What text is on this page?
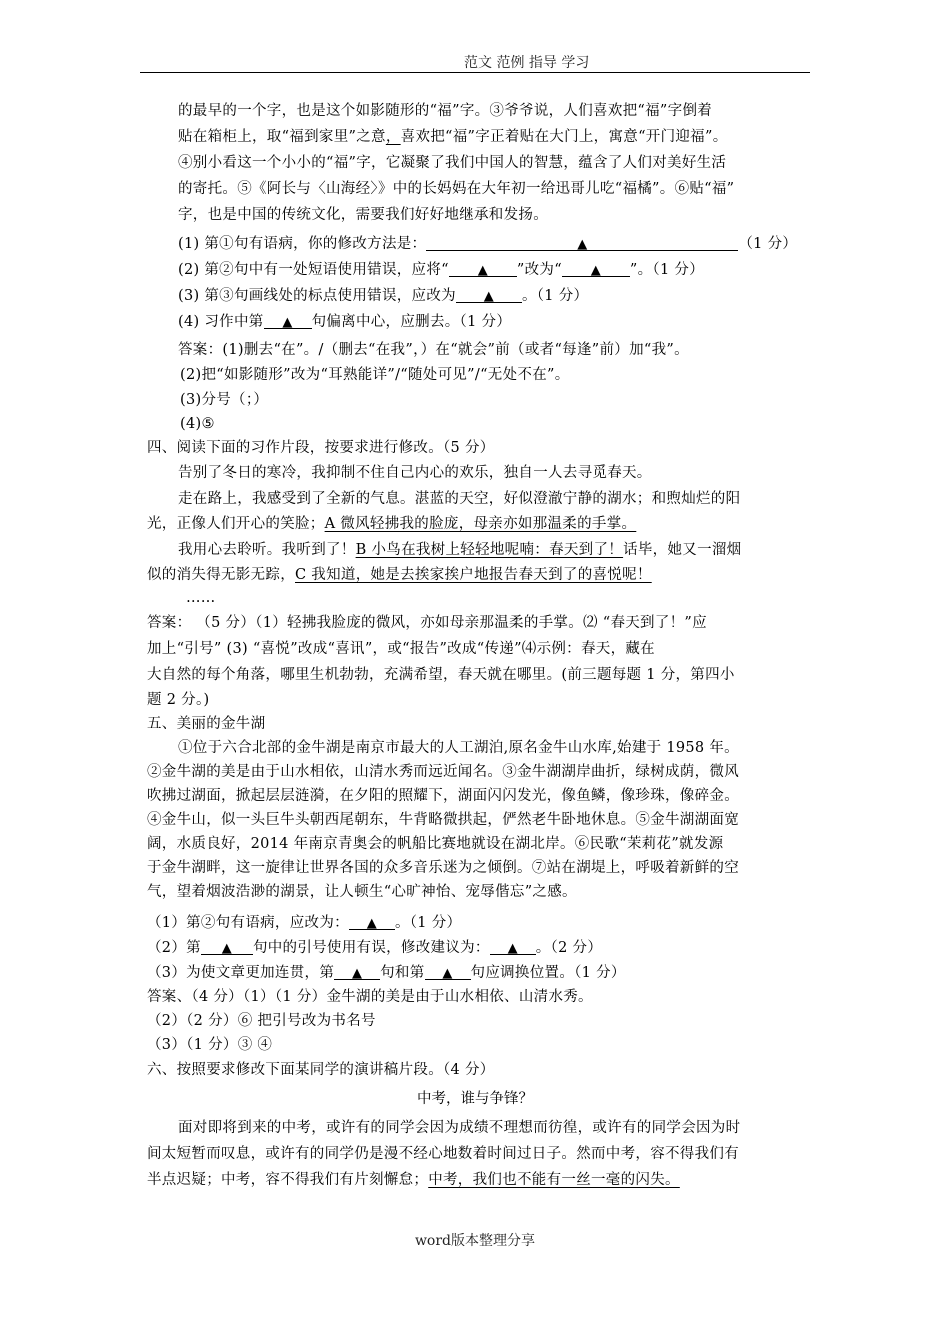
范文 范例 指导 学习
的最早的一个字，也是这个如影随形的“福”字。③爷爷说，人们喜欢把“福”字倒着
贴在箱柜上，取“福到家里”之意，喜欢把“福”字正着贴在大门上，寓意“开门迎福”。
④别小看这一个小小的“福”字，它凝聚了我们中国人的智慧，蕴含了人们对美好生活
的寄托。⑤《阿长与〈山海经〉》中的长妈妈在大年初一给迅哥儿吃“福橘”。⑥贴“福”
字，也是中国的传统文化，需要我们好好地继承和发扬。
(1) 第①句有语病，你的修改方法是：	▲	（1 分）
(2) 第②句中有一处短语使用错误，应将“ ▲ ”改为“ ▲ ”。（1 分）
(3) 第③句画线处的标点使用错误，应改为 ▲ 。（1 分）
(4) 习作中第 ▲ 句偏离中心，应删去。（1 分）
答案：(1)删去“在”。/（删去“在我”，）在“就会”前（或者“每逢”前）加“我”。
(2)把“如影随形”改为“耳熟能详”/“随处可见”/“无处不在”。
(3)分号（；）
(4)⑤
四、阅读下面的习作片段，按要求进行修改。（5 分）
告别了冬日的寒冷，我抑制不住自己内心的欢乐，独自一人去寻觅春天。
走在路上，我感受到了全新的气息。湛蓝的天空，好似澄澈宁静的湖水；和煦灿烂的阳
光，正像人们开心的笑脸；A 微风轻拂我的脸庞，母亲亦如那温柔的手掌。
我用心去聆听。我听到了！B 小鸟在我树上轻轻地呢喃：春天到了！话毕，她又一溜烟
似的消失得无影无踪，C 我知道，她是去挨家挨户地报告春天到了的喜悦呢！
……
答案： （5 分）（1）轻拂我脸庞的微风，亦如母亲那温柔的手掌。⑵ “春天到了！”应
加上“引号” (3) “喜悦”改成“喜讯”，或“报告”改成“传递”⑷示例：春天，藏在
大自然的每个角落，哪里生机勃勃，充满希望，春天就在哪里。(前三题每题 1 分，第四小
题 2 分。)
五、美丽的金牛湖
①位于六合北部的金牛湖是南京市最大的人工湖泊,原名金牛山水库,始建于 1958 年。
②金牛湖的美是由于山水相依，山清水秀而远近闻名。③金牛湖湖岸曲折，绿树成荫，微风
吹拂过湖面，掀起层层涟漪，在夕阳的照耀下，湖面闪闪发光，像鱼鳞，像珍珠，像碎金。
④金牛山，似一头巨牛头朝西尾朝东，牛背略微拱起，俨然老牛卧地休息。⑤金牛湖湖面宽
阔，水质良好，2014 年南京青奥会的帆船比赛地就设在湖北岸。⑥民歌“茉莉花”就发源
于金牛湖畔，这一旋律让世界各国的众多音乐迷为之倾倒。⑦站在湖堤上，呼吸着新鲜的空
气，望着烟波浩渺的湖景，让人顿生“心旷神怡、宠辱偕忘”之感。
（1）第②句有语病，应改为： ▲ 。（1 分）
（2）第 ▲ 句中的引号使用有误，修改建议为： ▲ 。（2 分）
（3）为使文章更加连贯，第 ▲ 句和第 ▲ 句应调换位置。（1 分）
答案、（4 分）（1）（1 分）金牛湖的美是由于山水相依、山清水秀。
（2）（2 分）⑥ 把引号改为书名号
（3）（1 分）③ ④
六、按照要求修改下面某同学的演讲稿片段。（4 分）
中考，谁与争锋？
面对即将到来的中考，或许有的同学会因为成绩不理想而彷徨，或许有的同学会因为时
间太短暂而叹息，或许有的同学仍是漫不经心地数着时间过日子。然而中考，容不得我们有
半点迟疑；中考，容不得我们有片刻懈怠；中考，我们也不能有一丝一毫的闪失。
word版本整理分享
